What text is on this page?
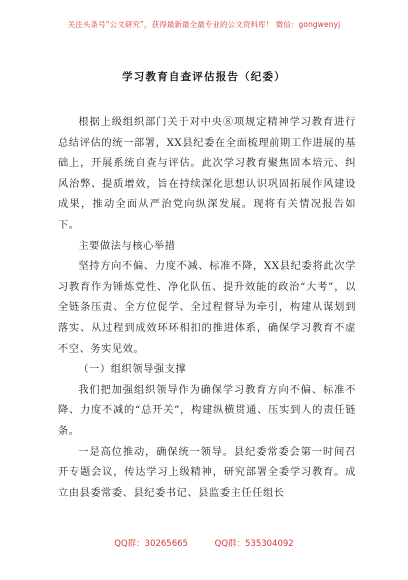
关注头条号“公文研究”，获得最新最全最专业的公文资料库！ 微信：gongwenyj
学习教育自查评估报告（纪委）

根据上级组织部门关于对中央⑧项规定精神学习教育进行总结评估的统一部署，XX县纪委在全面梳理前期工作进展的基础上，开展系统自查与评估。此次学习教育聚焦固本培元、纠风治弊、提质增效，旨在持续深化思想认识巩固拓展作风建设成果，推动全面从严治党向纵深发展。现将有关情况报告如下。

主要做法与核心举措

坚持方向不偏、力度不减、标准不降，XX县纪委将此次学习教育作为锤炼党性、净化队伍、提升效能的政治“大考”，以全链条压责、全方位促学、全过程督导为牵引，构建从谋划到落实、从过程到成效环环相扣的推进体系，确保学习教育不虚不空、务实见效。

（一）组织领导强支撑

我们把加强组织领导作为确保学习教育方向不偏、标准不降、力度不减的“总开关”，构建纵横贯通、压实到人的责任链条。

一是高位推动，确保统一领导。县纪委常委会第一时间召开专题会议，传达学习上级精神，研究部署全委学习教育。成立由县委常委、县纪委书记、县监委主任任组长

QQ群：30265665	QQ群：535304092
